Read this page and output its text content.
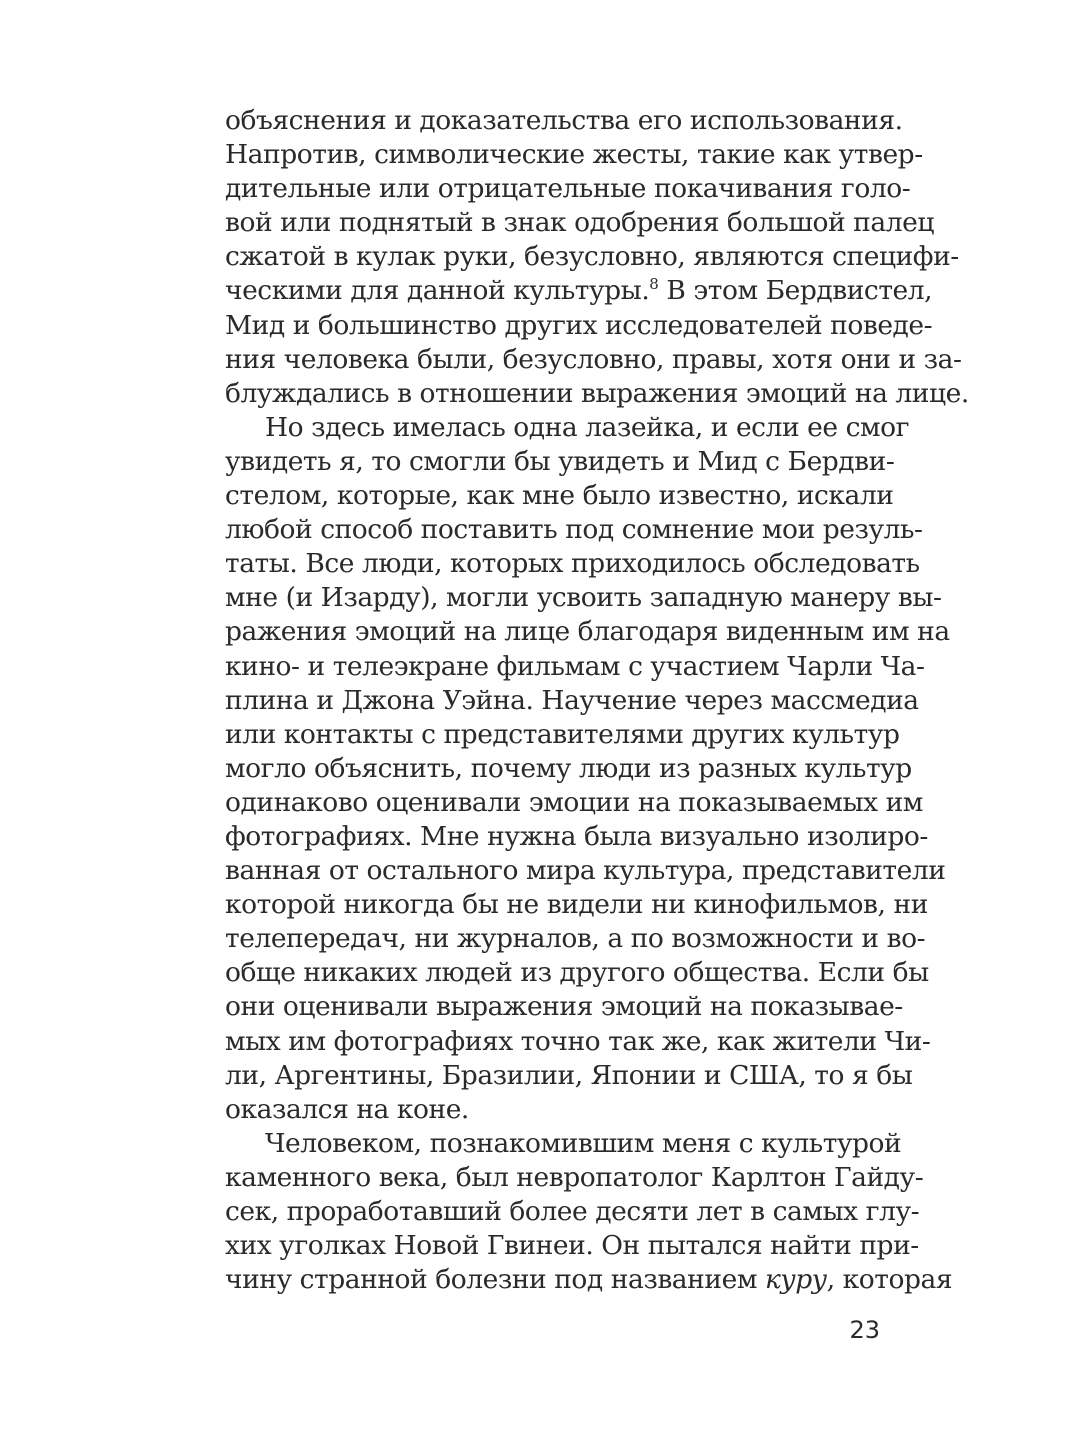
объяснения и доказательства его использования.
Напротив, символические жесты, такие как утвер-
дительные или отрицательные покачивания голо-
вой или поднятый в знак одобрения большой палец
сжатой в кулак руки, безусловно, являются специфи-
ческими для данной культуры.$^8$ В этом Бердвистел,
Мид и большинство других исследователей поведе-
ния человека были, безусловно, правы, хотя они и за-
блуждались в отношении выражения эмоций на лице.
Но здесь имелась одна лазейка, и если ее смог
увидеть я, то смогли бы увидеть и Мид с Бердви-
стелом, которые, как мне было известно, искали
любой способ поставить под сомнение мои резуль-
таты. Все люди, которых приходилось обследовать
мне (и Изарду), могли усвоить западную манеру вы-
ражения эмоций на лице благодаря виденным им на
кино- и телеэкране фильмам с участием Чарли Ча-
плина и Джона Уэйна. Научение через массмедиа
или контакты с представителями других культур
могло объяснить, почему люди из разных культур
одинаково оценивали эмоции на показываемых им
фотографиях. Мне нужна была визуально изолиро-
ванная от остального мира культура, представители
которой никогда бы не видели ни кинофильмов, ни
телепередач, ни журналов, а по возможности и во-
обще никаких людей из другого общества. Если бы
они оценивали выражения эмоций на показывае-
мых им фотографиях точно так же, как жители Чи-
ли, Аргентины, Бразилии, Японии и США, то я бы
оказался на коне.
Человеком, познакомившим меня с культурой
каменного века, был невропатолог Карлтон Гайду-
сек, проработавший более десяти лет в самых глу-
хих уголках Новой Гвинеи. Он пытался найти при-
чину странной болезни под названием куру, которая
23
